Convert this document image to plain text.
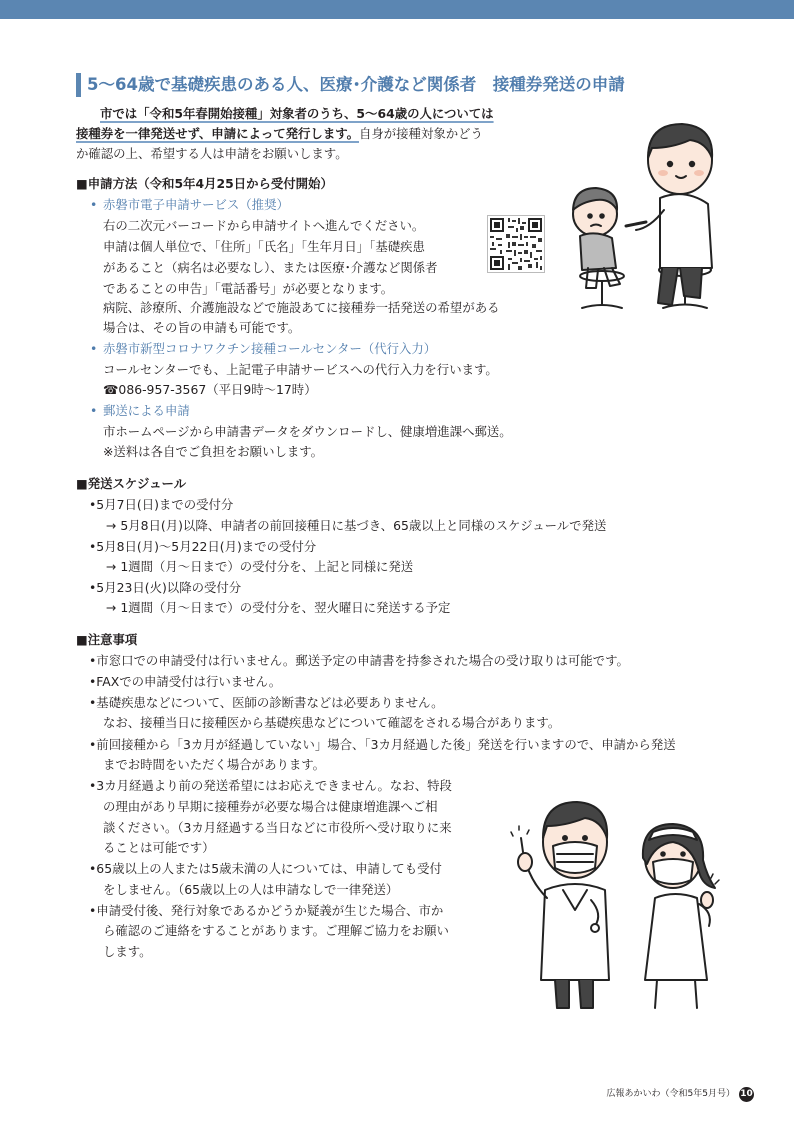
5～64歳で基礎疾患のある人、医療･介護など関係者　接種券発送の申請
市では「令和5年春開始接種」対象者のうち、5～64歳の人については
接種券を一律発送せず、申請によって発行します。自身が接種対象かどう
か確認の上、希望する人は申請をお願いします。
■申請方法（令和5年4月25日から受付開始）
• 赤磐市電子申請サービス（推奨）
右の二次元バーコードから申請サイトへ進んでください。
申請は個人単位で、「住所」「氏名」「生年月日」「基礎疾患
があること（病名は必要なし）、または医療･介護など関係者
であることの申告」「電話番号」が必要となります。
病院、診療所、介護施設などで施設あてに接種券一括発送の希望がある
場合は、その旨の申請も可能です。
• 赤磐市新型コロナワクチン接種コールセンター（代行入力）
コールセンターでも、上記電子申請サービスへの代行入力を行います。
☎086-957-3567（平日9時～17時）
• 郵送による申請
市ホームページから申請書データをダウンロードし、健康増進課へ郵送。
※送料は各自でご負担をお願いします。
■発送スケジュール
•5月7日(日)までの受付分
→ 5月8日(月)以降、申請者の前回接種日に基づき、65歳以上と同様のスケジュールで発送
•5月8日(月)～5月22日(月)までの受付分
→ 1週間（月～日まで）の受付分を、上記と同様に発送
•5月23日(火)以降の受付分
→ 1週間（月～日まで）の受付分を、翌火曜日に発送する予定
■注意事項
•市窓口での申請受付は行いません。郵送予定の申請書を持参された場合の受け取りは可能です。
•FAXでの申請受付は行いません。
•基礎疾患などについて、医師の診断書などは必要ありません。
なお、接種当日に接種医から基礎疾患などについて確認をされる場合があります。
•前回接種から「3カ月が経過していない」場合、「3カ月経過した後」発送を行いますので、申請から発送
までお時間をいただく場合があります。
•3カ月経過より前の発送希望にはお応えできません。なお、特段
の理由があり早期に接種券が必要な場合は健康増進課へご相
談ください。（3カ月経過する当日などに市役所へ受け取りに来
ることは可能です）
•65歳以上の人または5歳未満の人については、申請しても受付
をしません。（65歳以上の人は申請なしで一律発送）
•申請受付後、発行対象であるかどうか疑義が生じた場合、市か
ら確認のご連絡をすることがあります。ご理解ご協力をお願い
します。
広報あかいわ（令和5年5月号） 10
